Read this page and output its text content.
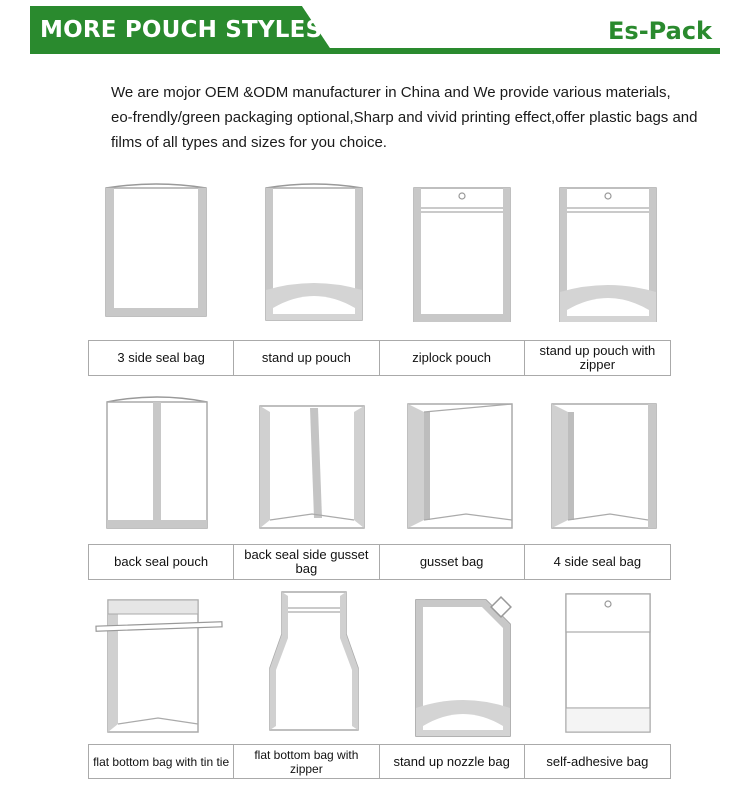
MORE POUCH STYLES	Es-Pack

We are mojor OEM &ODM manufacturer in China and We provide various materials,

eo-frendly/green packaging optional,Sharp and vivid printing effect,offer plastic bags and

films of all types and sizes for you choice.

3 side seal bag	stand up pouch	ziplock pouch	stand up pouch with zipper
back seal pouch	back seal side gusset bag	gusset bag	4 side seal bag
flat bottom bag with tin tie	flat bottom bag with zipper	stand up nozzle bag	self-adhesive bag
